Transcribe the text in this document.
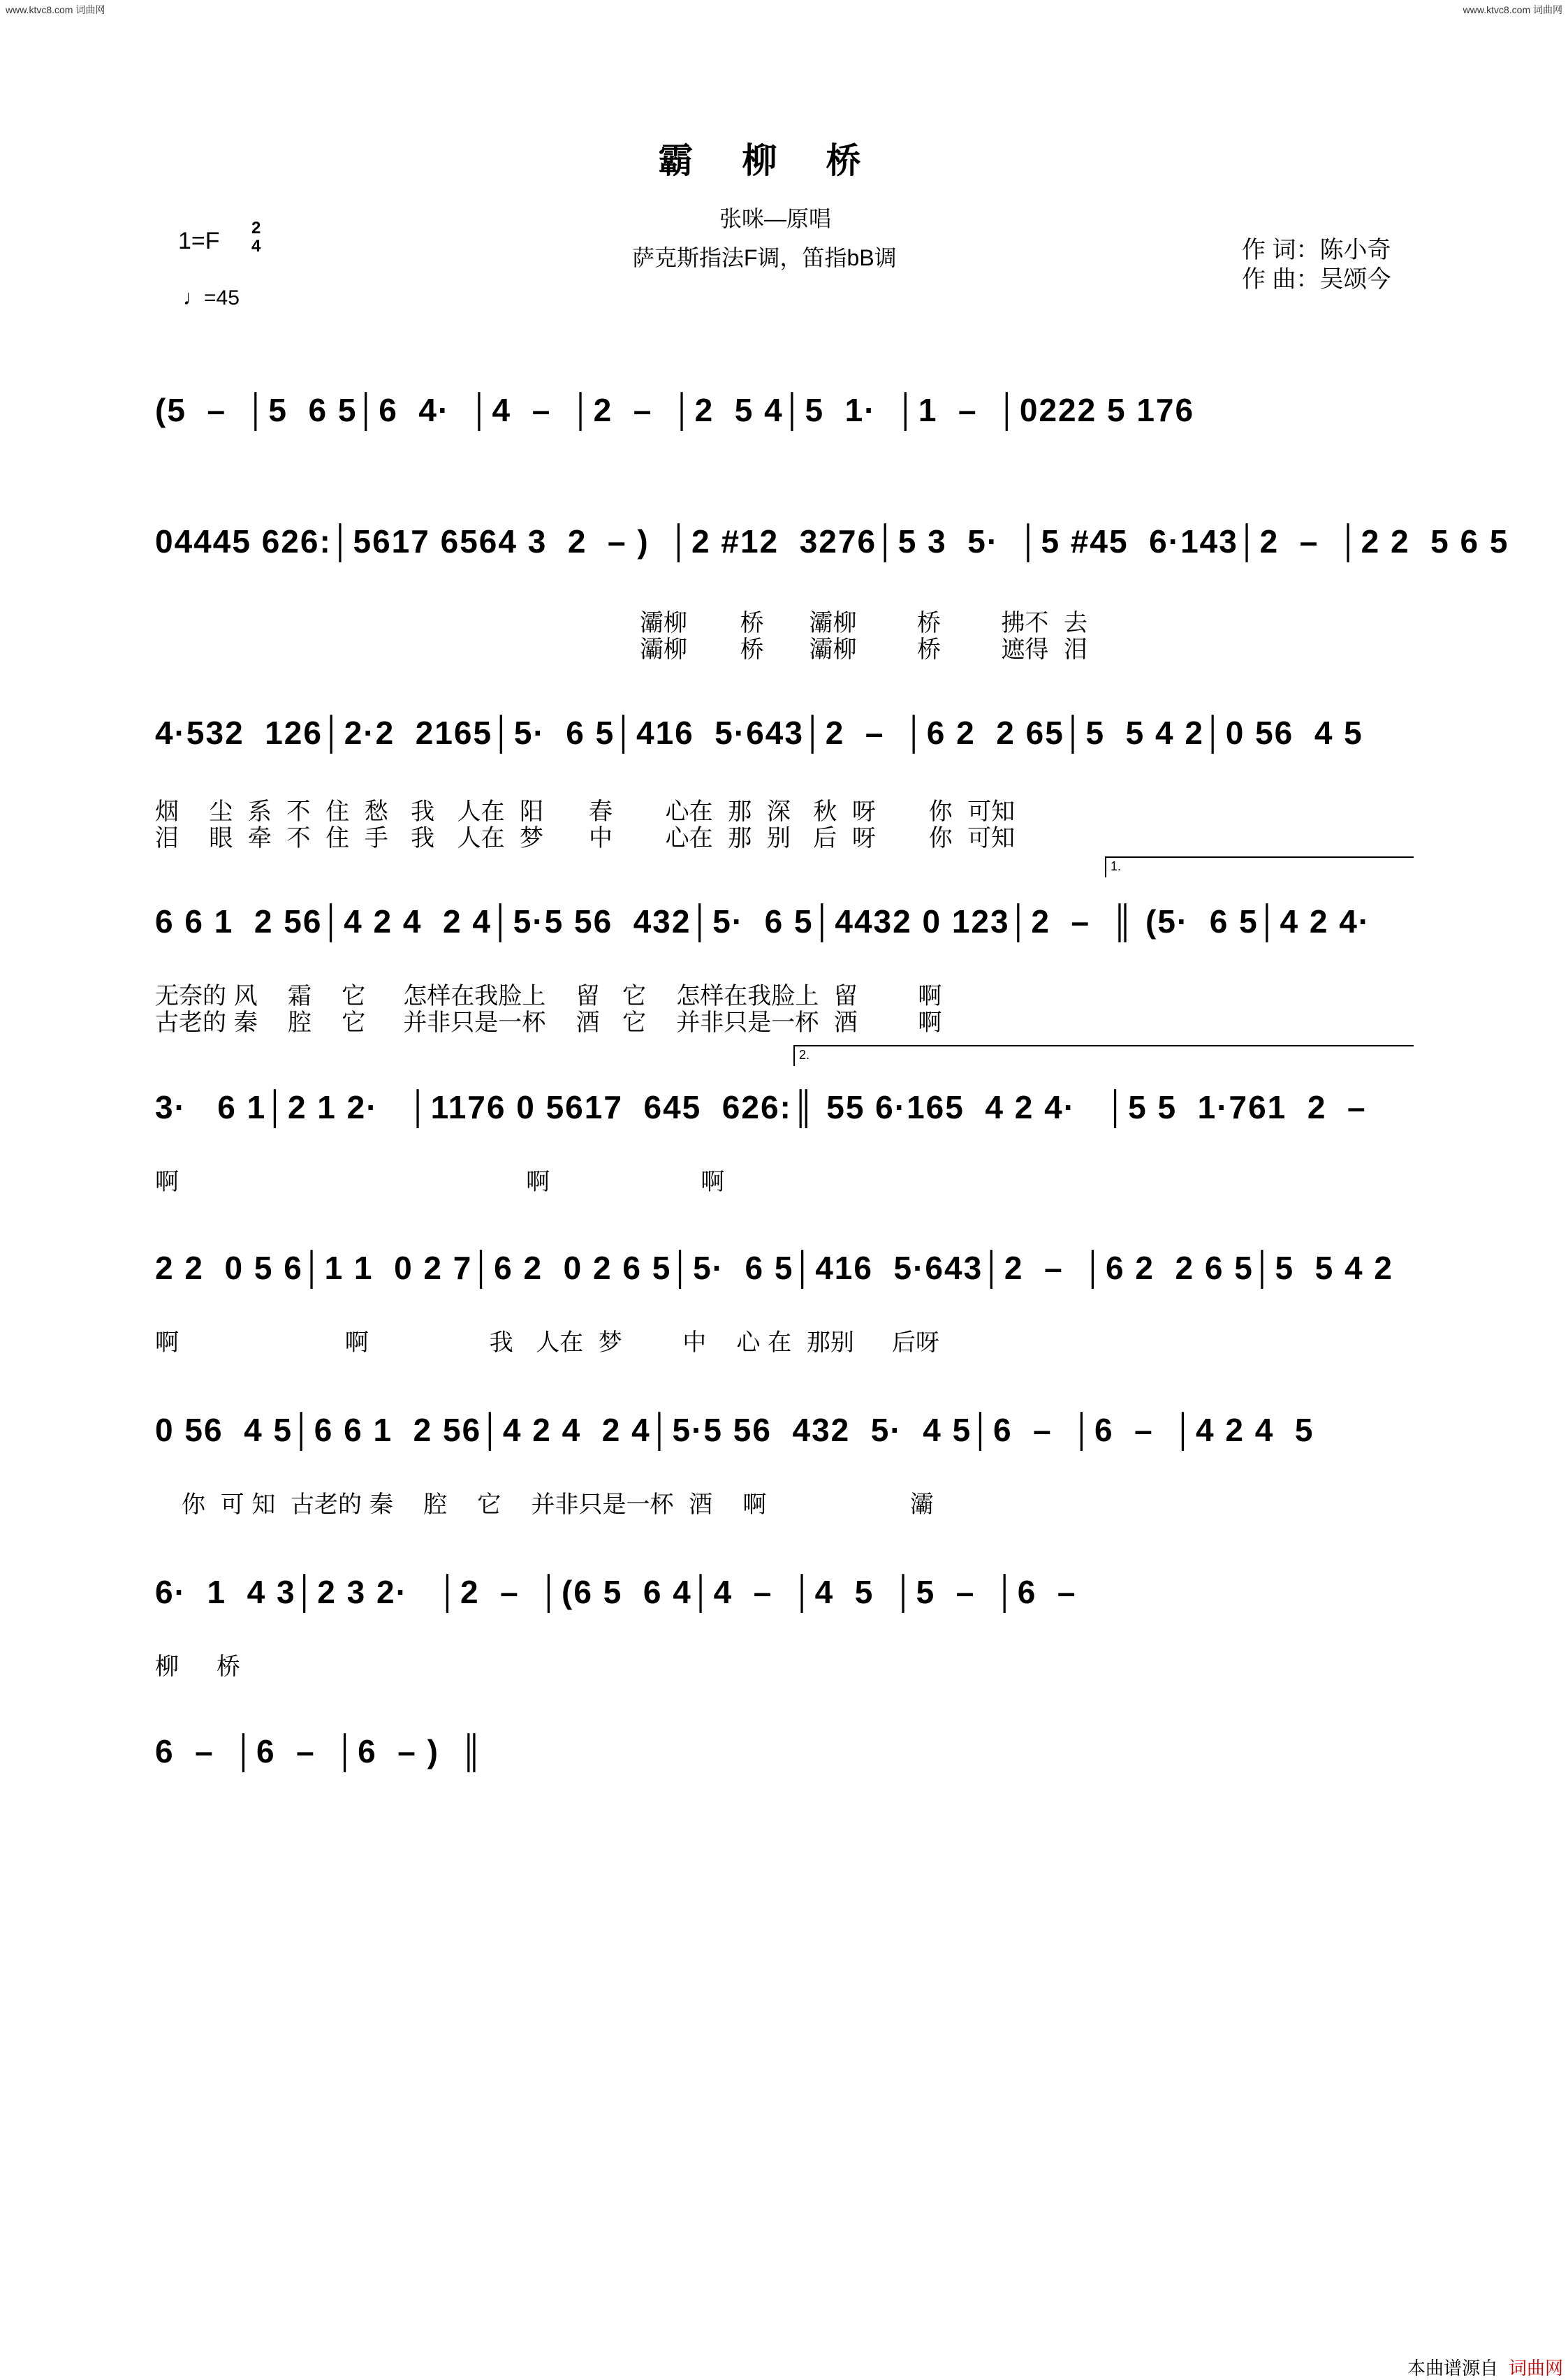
www.ktvc8.com 词曲网	www.ktvc8.com 词曲网
霸柳桥
张咪—原唱
萨克斯指法F调，笛指bB调
1=F 2
4
♩=45
作 词：陈小奇
作 曲：吴颂今
(5  –  │5  6 5│6  4·  │4  –  │2  –  │2  5 4│5  1·  │1  –  │0222 5 176
04445 626:│5617 6564 3  2  – )  │2 #12  3276│5 3  5·  │5 #45  6·143│2  –  │2 2  5 6 5
灞柳       桥      灞柳        桥        拂不  去
灞柳       桥      灞柳        桥        遮得  泪
4·532  126│2·2  2165│5·  6 5│416  5·643│2  –  │6 2  2 65│5  5 4 2│0 56  4 5
烟    尘  系  不  住  愁   我   人在  阳      春       心在  那  深   秋  呀       你  可知
泪    眼  牵  不  住  手   我   人在  梦      中       心在  那  别   后  呀       你  可知
1.
6 6 1  2 56│4 2 4  2 4│5·5 56  432│5·  6 5│4432 0 123│2  –  ║ (5·  6 5│4 2 4·
无奈的 风    霜    它     怎样在我脸上    留   它    怎样在我脸上  留        啊
古老的 秦    腔    它     并非只是一杯    酒   它    并非只是一杯  酒        啊
2.
3·   6 1│2 1 2·   │1176 0 5617  645  626:║ 55 6·165  4 2 4·   │5 5  1·761  2  –
啊                                              啊                    啊
2 2  0 5 6│1 1  0 2 7│6 2  0 2 6 5│5·  6 5│416  5·643│2  –  │6 2  2 6 5│5  5 4 2
啊                      啊                我   人在  梦        中    心 在  那别     后呀
0 56  4 5│6 6 1  2 56│4 2 4  2 4│5·5 56  432  5·  4 5│6  –  │6  –  │4 2 4  5
你  可 知  古老的 秦    腔    它    并非只是一杯  酒    啊                   灞
6·  1  4 3│2 3 2·   │2  –  │(6 5  6 4│4  –  │4  5  │5  –  │6  –
柳     桥
6  –  │6  –  │6  – )  ║
本曲谱源自 词曲网
